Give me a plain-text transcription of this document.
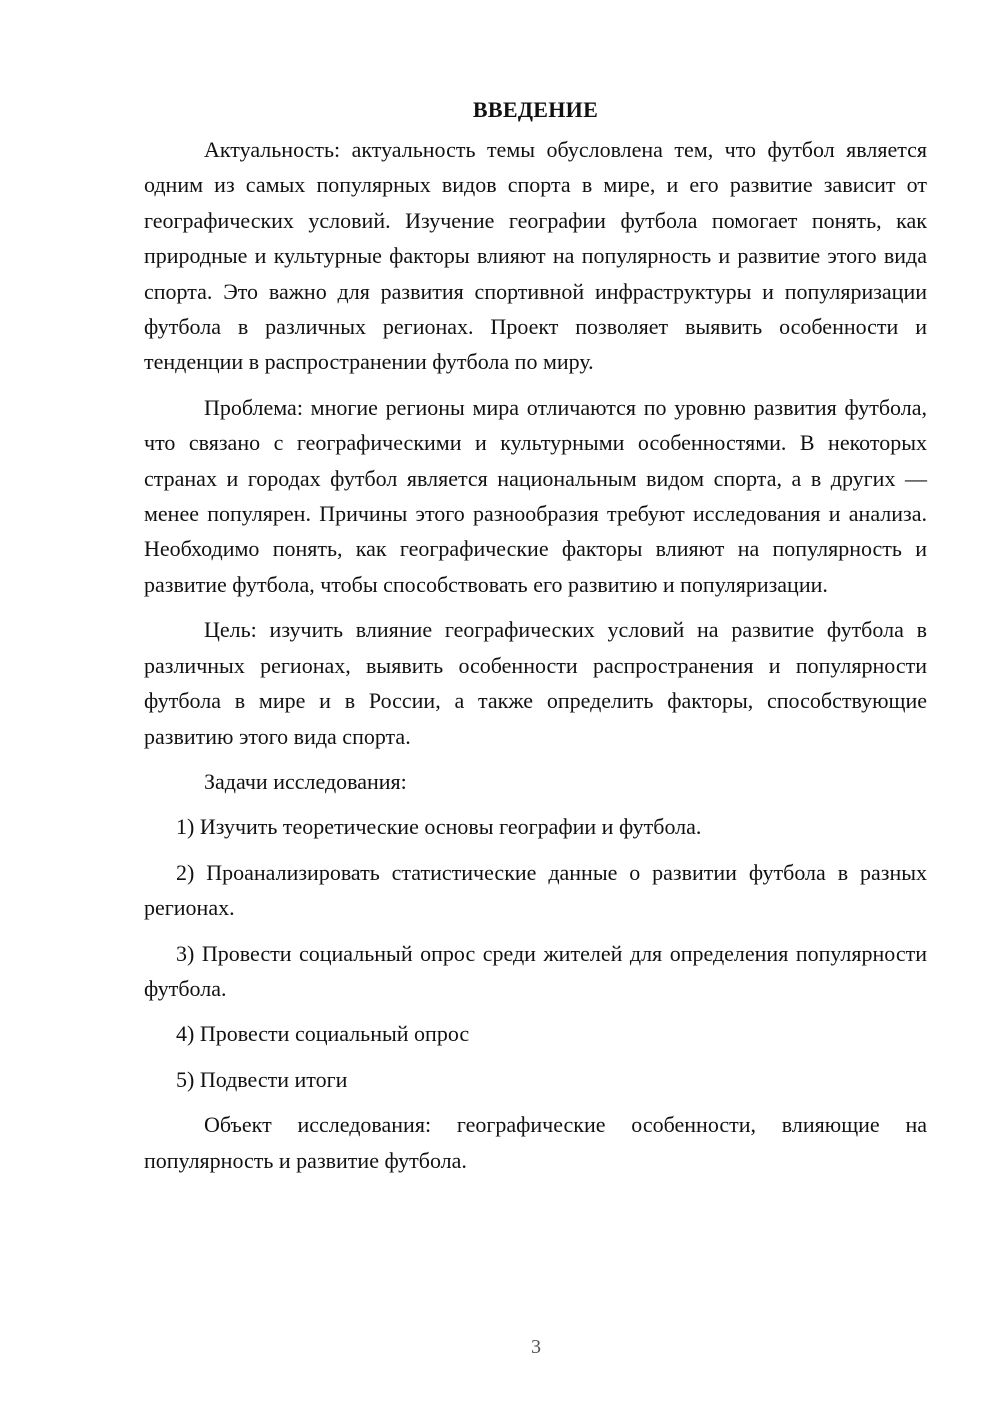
ВВЕДЕНИЕ

Актуальность: актуальность темы обусловлена тем, что футбол является одним из самых популярных видов спорта в мире, и его развитие зависит от географических условий. Изучение географии футбола помогает понять, как природные и культурные факторы влияют на популярность и развитие этого вида спорта. Это важно для развития спортивной инфраструктуры и популяризации футбола в различных регионах. Проект позволяет выявить особенности и тенденции в распространении футбола по миру.

Проблема: многие регионы мира отличаются по уровню развития футбола, что связано с географическими и культурными особенностями. В некоторых странах и городах футбол является национальным видом спорта, а в других — менее популярен. Причины этого разнообразия требуют исследования и анализа. Необходимо понять, как географические факторы влияют на популярность и развитие футбола, чтобы способствовать его развитию и популяризации.

Цель: изучить влияние географических условий на развитие футбола в различных регионах, выявить особенности распространения и популярности футбола в мире и в России, а также определить факторы, способствующие развитию этого вида спорта.

Задачи исследования:

1) Изучить теоретические основы географии и футбола.

2) Проанализировать статистические данные о развитии футбола в разных регионах.

3) Провести социальный опрос среди жителей для определения популярности футбола.

4) Провести социальный опрос

5) Подвести итоги

Объект исследования: географические особенности, влияющие на популярность и развитие футбола.

3
